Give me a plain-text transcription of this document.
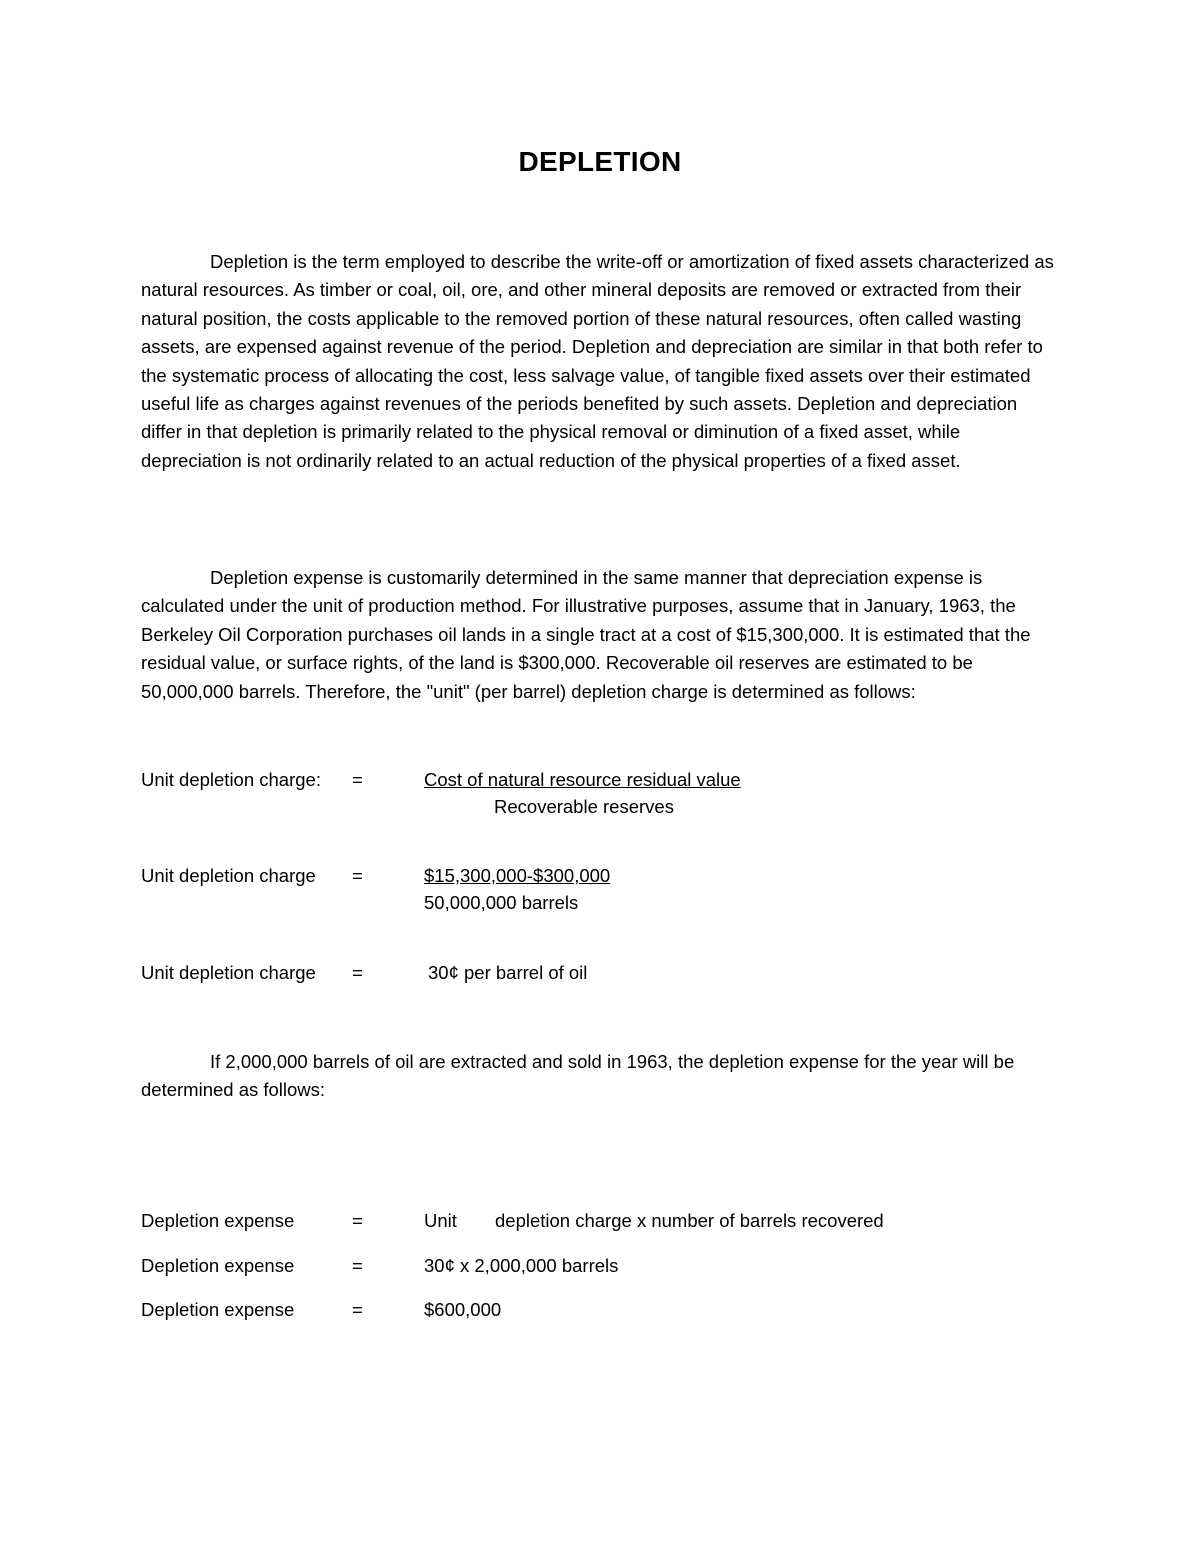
DEPLETION

Depletion is the term employed to describe the write-off or amortization of fixed assets characterized as natural resources. As timber or coal, oil, ore, and other mineral deposits are removed or extracted from their natural position, the costs applicable to the removed portion of these natural resources, often called wasting assets, are expensed against revenue of the period. Depletion and depreciation are similar in that both refer to the systematic process of allocating the cost, less salvage value, of tangible fixed assets over their estimated useful life as charges against revenues of the periods benefited by such assets. Depletion and depreciation differ in that depletion is primarily related to the physical removal or diminution of a fixed asset, while depreciation is not ordinarily related to an actual reduction of the physical properties of a fixed asset.

Depletion expense is customarily determined in the same manner that depreciation expense is calculated under the unit of production method. For illustrative purposes, assume that in January, 1963, the Berkeley Oil Corporation purchases oil lands in a single tract at a cost of $15,300,000. It is estimated that the residual value, or surface rights, of the land is $300,000. Recoverable oil reserves are estimated to be 50,000,000 barrels. Therefore, the "unit" (per barrel) depletion charge is determined as follows:

Unit depletion charge: =	Cost of natural resource residual value
Recoverable reserves
Unit depletion charge =	$15,300,000-$300,000
50,000,000 barrels
Unit depletion charge =	30¢ per barrel of oil

If 2,000,000 barrels of oil are extracted and sold in 1963, the depletion expense for the year will be determined as follows:

Depletion expense	=	Unit depletion charge x number of barrels recovered
Depletion expense	=	30¢ x 2,000,000 barrels
Depletion expense	=	$600,000
